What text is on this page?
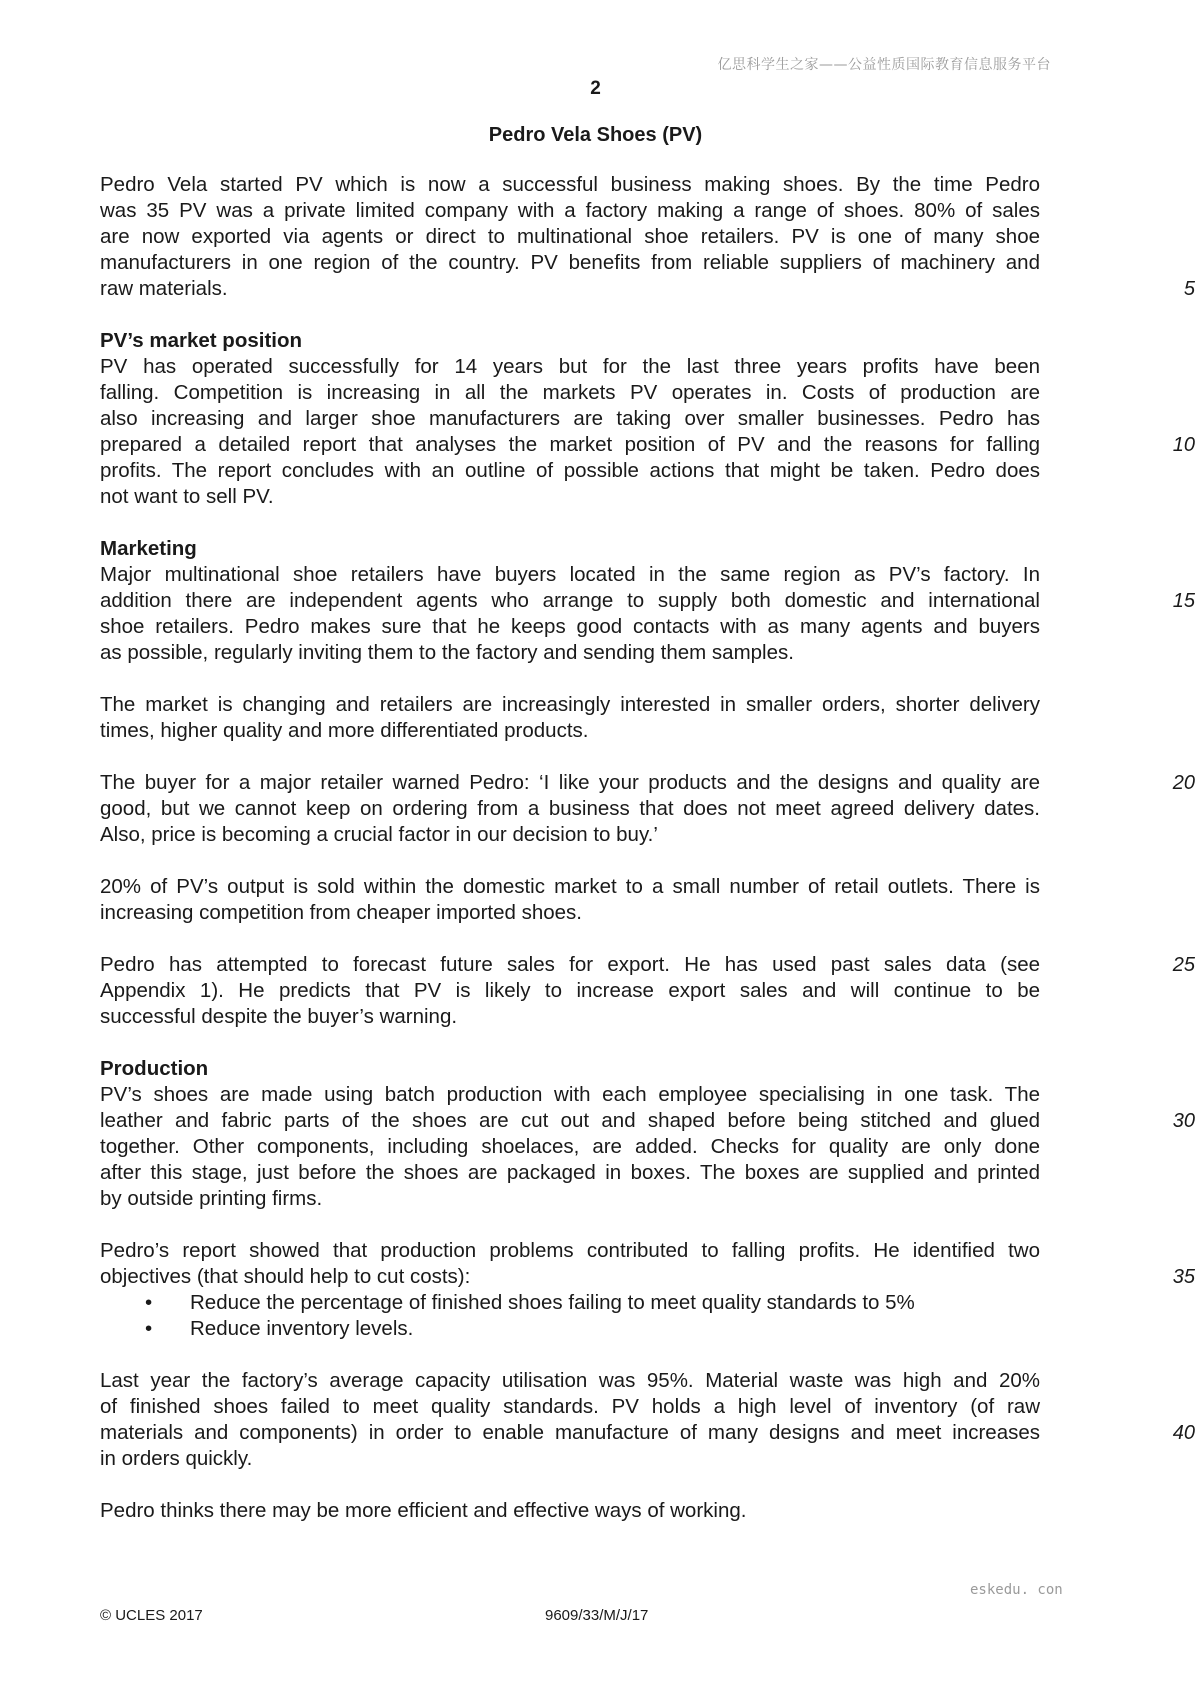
亿思科学生之家——公益性质国际教育信息服务平台
2
Pedro Vela Shoes (PV)
Pedro Vela started PV which is now a successful business making shoes. By the time Pedro
was 35 PV was a private limited company with a factory making a range of shoes. 80% of sales
are now exported via agents or direct to multinational shoe retailers. PV is one of many shoe
manufacturers in one region of the country. PV benefits from reliable suppliers of machinery and
raw materials.	5
PV’s market position
PV has operated successfully for 14 years but for the last three years profits have been
falling. Competition is increasing in all the markets PV operates in. Costs of production are
also increasing and larger shoe manufacturers are taking over smaller businesses. Pedro has
prepared a detailed report that analyses the market position of PV and the reasons for falling	10
profits. The report concludes with an outline of possible actions that might be taken. Pedro does
not want to sell PV.
Marketing
Major multinational shoe retailers have buyers located in the same region as PV’s factory. In
addition there are independent agents who arrange to supply both domestic and international	15
shoe retailers. Pedro makes sure that he keeps good contacts with as many agents and buyers
as possible, regularly inviting them to the factory and sending them samples.
The market is changing and retailers are increasingly interested in smaller orders, shorter delivery
times, higher quality and more differentiated products.
The buyer for a major retailer warned Pedro: ‘I like your products and the designs and quality are	20
good, but we cannot keep on ordering from a business that does not meet agreed delivery dates.
Also, price is becoming a crucial factor in our decision to buy.’
20% of PV’s output is sold within the domestic market to a small number of retail outlets. There is
increasing competition from cheaper imported shoes.
Pedro has attempted to forecast future sales for export. He has used past sales data (see	25
Appendix 1). He predicts that PV is likely to increase export sales and will continue to be
successful despite the buyer’s warning.
Production
PV’s shoes are made using batch production with each employee specialising in one task. The
leather and fabric parts of the shoes are cut out and shaped before being stitched and glued	30
together. Other components, including shoelaces, are added. Checks for quality are only done
after this stage, just before the shoes are packaged in boxes. The boxes are supplied and printed
by outside printing firms.
Pedro’s report showed that production problems contributed to falling profits. He identified two
objectives (that should help to cut costs):	35
• Reduce the percentage of finished shoes failing to meet quality standards to 5%
• Reduce inventory levels.
Last year the factory’s average capacity utilisation was 95%. Material waste was high and 20%
of finished shoes failed to meet quality standards. PV holds a high level of inventory (of raw
materials and components) in order to enable manufacture of many designs and meet increases	40
in orders quickly.
Pedro thinks there may be more efficient and effective ways of working.
eskedu. con
© UCLES 2017	9609/33/M/J/17
